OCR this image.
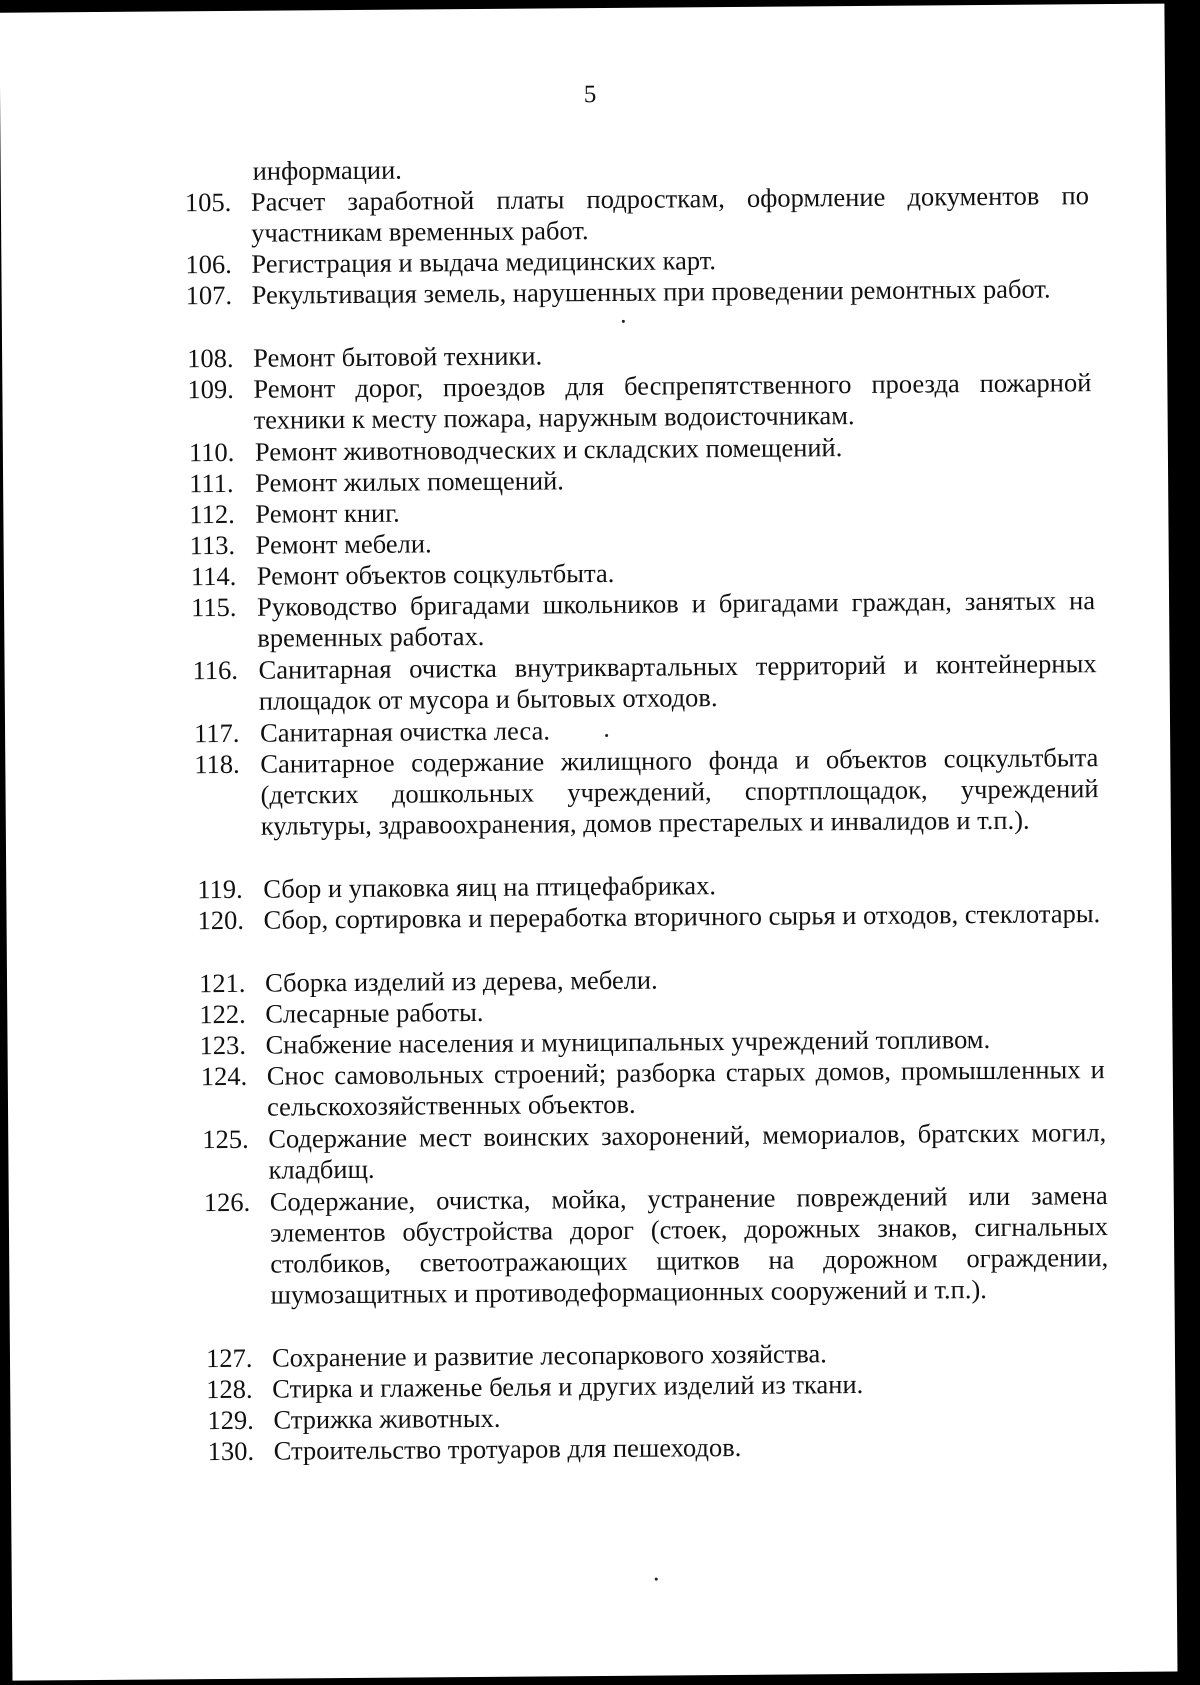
5
информации.
105. Расчет заработной платы подросткам, оформление документов по участникам временных работ.
106. Регистрация и выдача медицинских карт.
107. Рекультивация земель, нарушенных при проведении ремонтных работ.
108. Ремонт бытовой техники.
109. Ремонт дорог, проездов для беспрепятственного проезда пожарной техники к месту пожара, наружным водоисточникам.
110. Ремонт животноводческих и складских помещений.
111. Ремонт жилых помещений.
112. Ремонт книг.
113. Ремонт мебели.
114. Ремонт объектов соцкультбыта.
115. Руководство бригадами школьников и бригадами граждан, занятых на временных работах.
116. Санитарная очистка внутриквартальных территорий и контейнерных площадок от мусора и бытовых отходов.
117. Санитарная очистка леса.
118. Санитарное содержание жилищного фонда и объектов соцкультбыта (детских дошкольных учреждений, спортплощадок, учреждений культуры, здравоохранения, домов престарелых и инвалидов и т.п.).
119. Сбор и упаковка яиц на птицефабриках.
120. Сбор, сортировка и переработка вторичного сырья и отходов, стеклотары.
121. Сборка изделий из дерева, мебели.
122. Слесарные работы.
123. Снабжение населения и муниципальных учреждений топливом.
124. Снос самовольных строений; разборка старых домов, промышленных и сельскохозяйственных объектов.
125. Содержание мест воинских захоронений, мемориалов, братских могил, кладбищ.
126. Содержание, очистка, мойка, устранение повреждений или замена элементов обустройства дорог (стоек, дорожных знаков, сигнальных столбиков, светоотражающих щитков на дорожном ограждении, шумозащитных и противодеформационных сооружений и т.п.).
127. Сохранение и развитие лесопаркового хозяйства.
128. Стирка и глаженье белья и других изделий из ткани.
129. Стрижка животных.
130. Строительство тротуаров для пешеходов.
